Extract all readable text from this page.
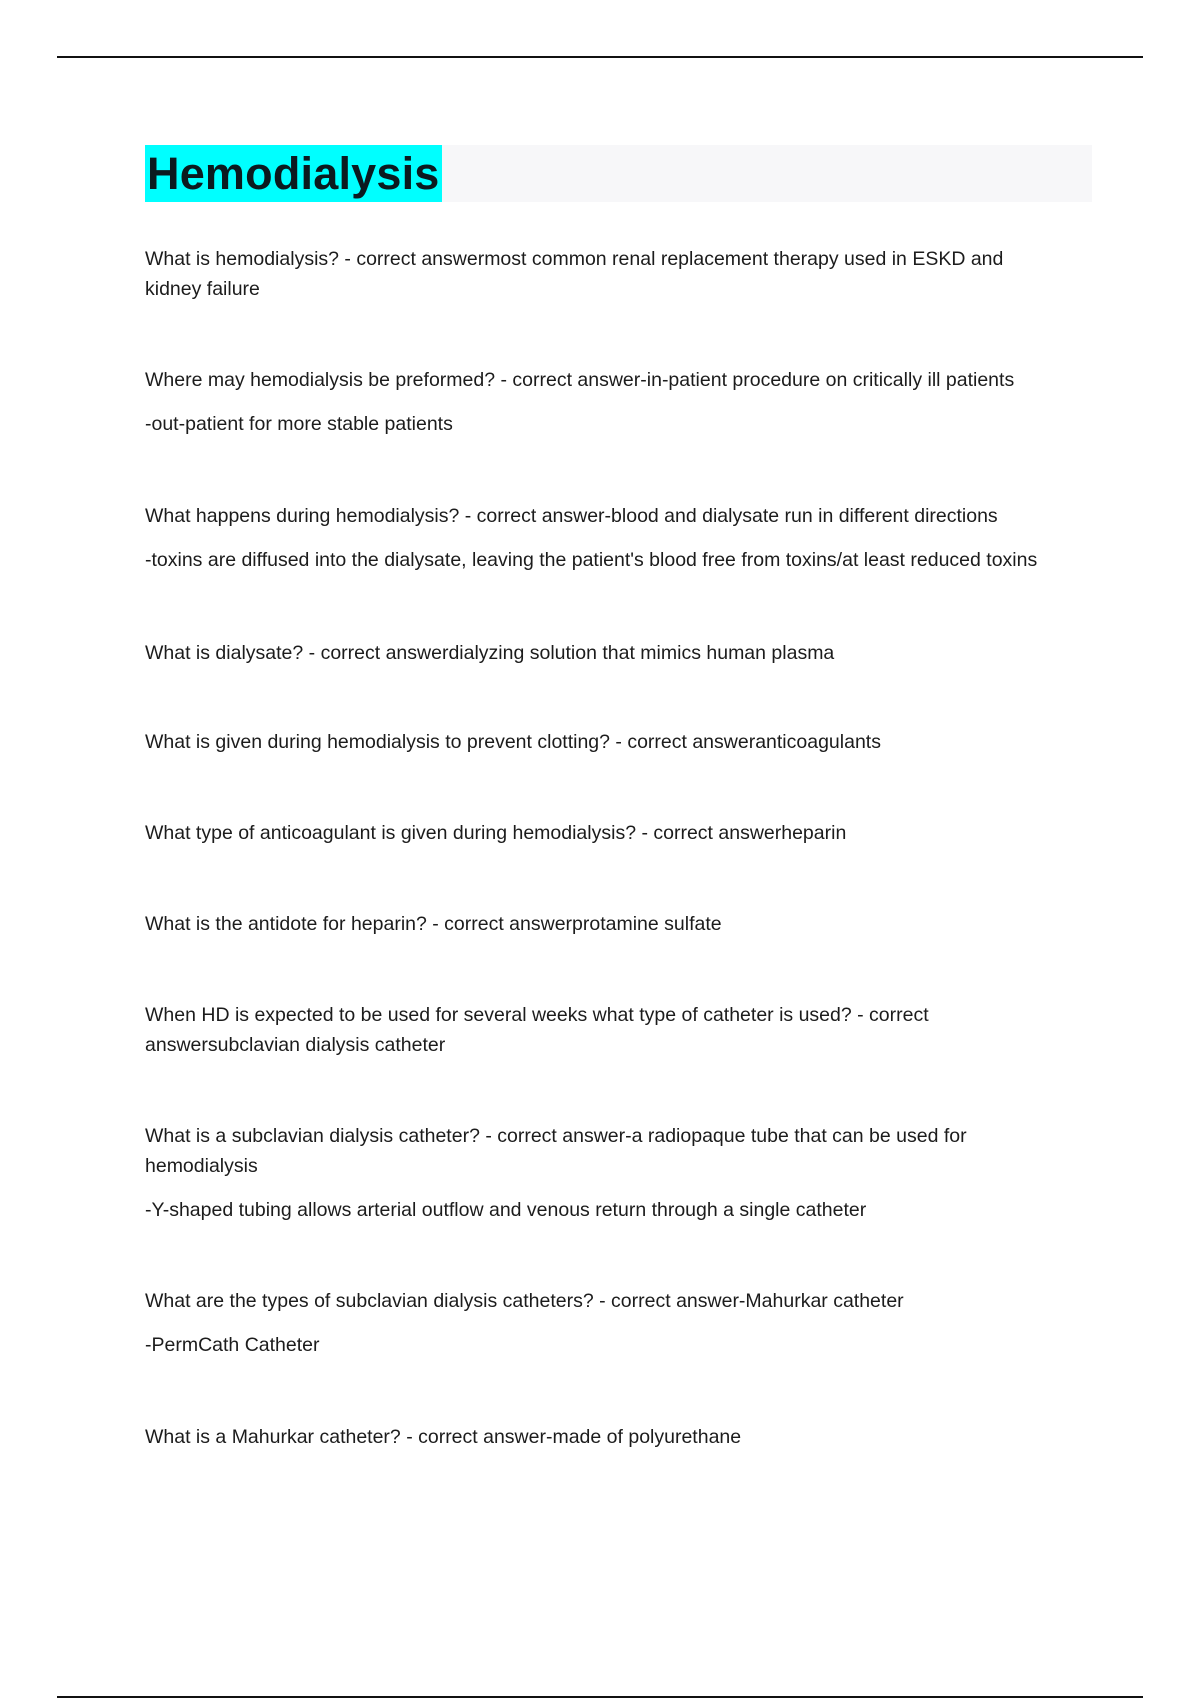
Hemodialysis

What is hemodialysis? - correct answermost common renal replacement therapy used in ESKD and kidney failure

Where may hemodialysis be preformed? - correct answer-in-patient procedure on critically ill patients

-out-patient for more stable patients

What happens during hemodialysis? - correct answer-blood and dialysate run in different directions

-toxins are diffused into the dialysate, leaving the patient's blood free from toxins/at least reduced toxins

What is dialysate? - correct answerdialyzing solution that mimics human plasma

What is given during hemodialysis to prevent clotting? - correct answeranticoagulants

What type of anticoagulant is given during hemodialysis? - correct answerheparin

What is the antidote for heparin? - correct answerprotamine sulfate

When HD is expected to be used for several weeks what type of catheter is used? - correct answersubclavian dialysis catheter

What is a subclavian dialysis catheter? - correct answer-a radiopaque tube that can be used for hemodialysis

-Y-shaped tubing allows arterial outflow and venous return through a single catheter

What are the types of subclavian dialysis catheters? - correct answer-Mahurkar catheter

-PermCath Catheter

What is a Mahurkar catheter? - correct answer-made of polyurethane
